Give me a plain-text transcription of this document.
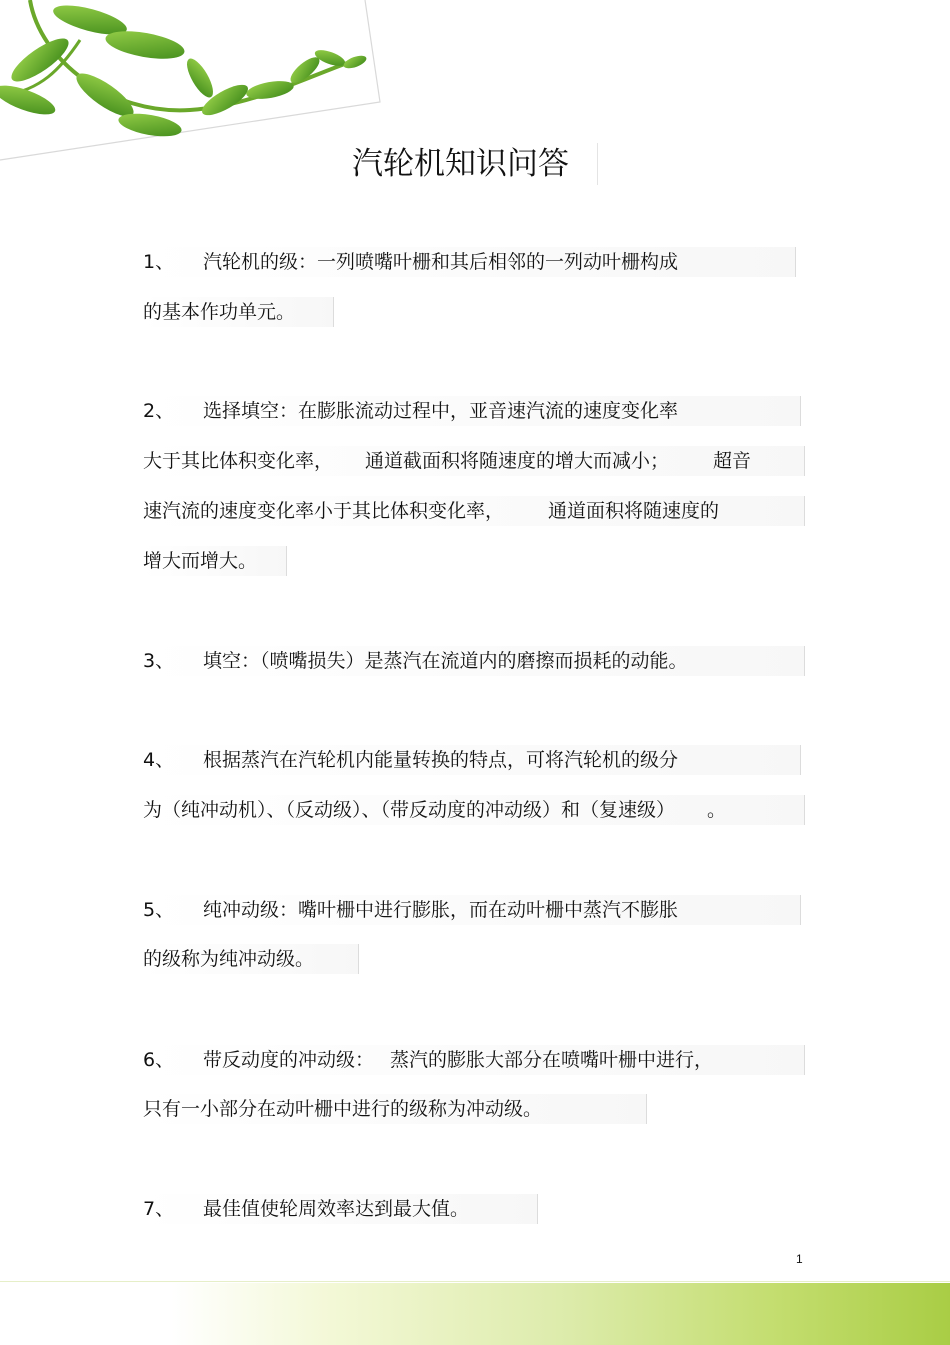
汽轮机知识问答
1、 汽轮机的级：一列喷嘴叶栅和其后相邻的一列动叶栅构成
的基本作功单元。
2、 选择填空：在膨胀流动过程中，亚音速汽流的速度变化率
大于其比体积变化率， 通道截面积将随速度的增大而减小； 超音
速汽流的速度变化率小于其比体积变化率， 通道面积将随速度的
增大而增大。
3、 填空：（喷嘴损失）是蒸汽在流道内的磨擦而损耗的动能。
4、 根据蒸汽在汽轮机内能量转换的特点，可将汽轮机的级分
为（纯冲动机）、（反动级）、（带反动度的冲动级）和（复速级） 。
5、 纯冲动级：嘴叶栅中进行膨胀，而在动叶栅中蒸汽不膨胀
的级称为纯冲动级。
6、 带反动度的冲动级： 蒸汽的膨胀大部分在喷嘴叶栅中进行，
只有一小部分在动叶栅中进行的级称为冲动级。
7、 最佳值使轮周效率达到最大值。
1
